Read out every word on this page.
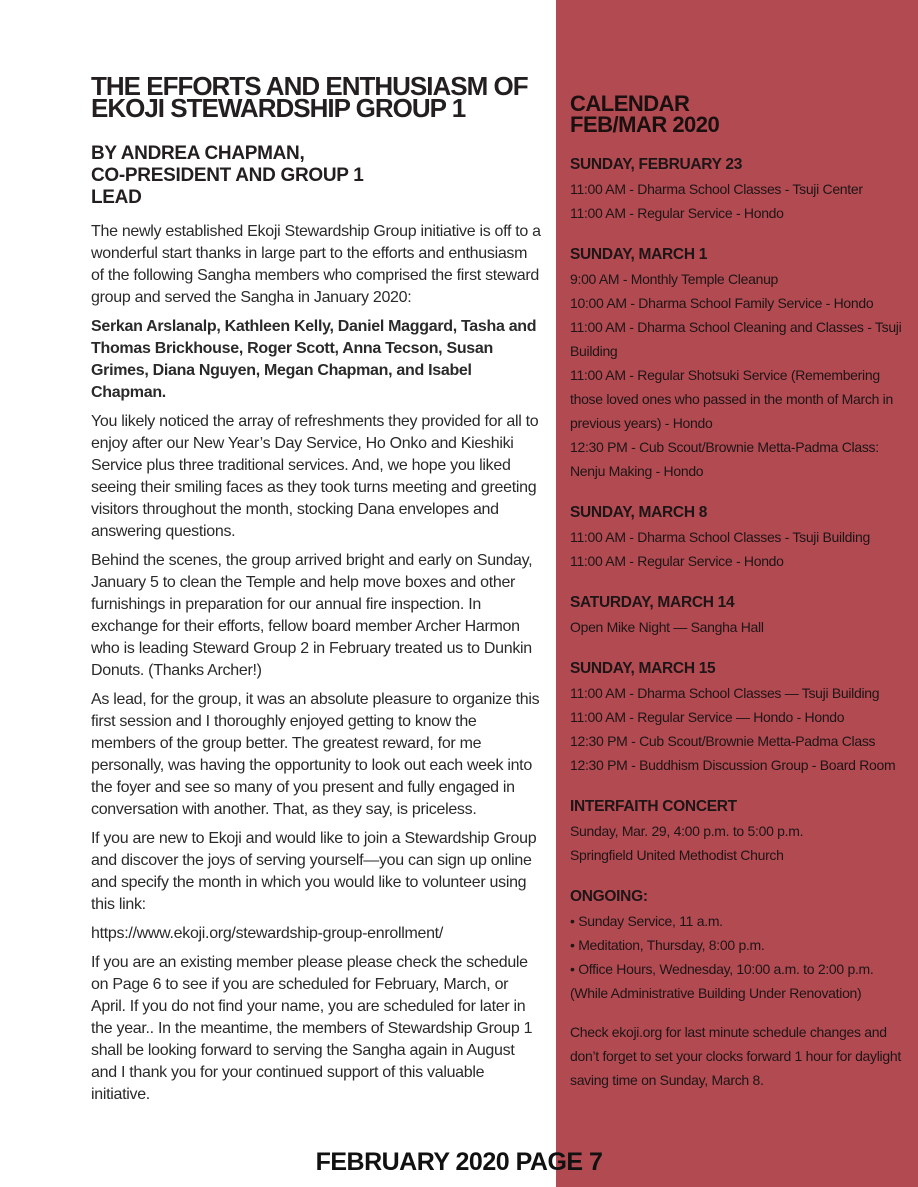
THE EFFORTS AND ENTHUSIASM OF
EKOJI STEWARDSHIP GROUP 1
BY ANDREA CHAPMAN,
CO-PRESIDENT AND GROUP 1
LEAD

The newly established Ekoji Stewardship Group initiative is off to a wonderful start thanks in large part to the efforts and enthusiasm of the following Sangha members who comprised the first steward group and served the Sangha in January 2020:

Serkan Arslanalp, Kathleen Kelly, Daniel Maggard, Tasha and Thomas Brickhouse, Roger Scott, Anna Tecson, Susan Grimes, Diana Nguyen, Megan Chapman, and Isabel Chapman.

You likely noticed the array of refreshments they provided for all to enjoy after our New Year’s Day Service, Ho Onko and Kieshiki Service plus three traditional services. And, we hope you liked seeing their smiling faces as they took turns meeting and greeting visitors throughout the month, stocking Dana envelopes and answering questions.

Behind the scenes, the group arrived bright and early on Sunday, January 5 to clean the Temple and help move boxes and other furnishings in preparation for our annual fire inspection. In exchange for their efforts, fellow board member Archer Harmon who is leading Steward Group 2 in February treated us to Dunkin Donuts. (Thanks Archer!)

As lead, for the group, it was an absolute pleasure to organize this first session and I thoroughly enjoyed getting to know the members of the group better. The greatest reward, for me personally, was having the opportunity to look out each week into the foyer and see so many of you present and fully engaged in conversation with another. That, as they say, is priceless.

If you are new to Ekoji and would like to join a Stewardship Group and discover the joys of serving yourself—you can sign up online and specify the month in which you would like to volunteer using this link:

https://www.ekoji.org/stewardship-group-enrollment/

If you are an existing member please please check the schedule on Page 6 to see if you are scheduled for February, March, or April. If you do not find your name, you are scheduled for later in the year.. In the meantime, the members of Stewardship Group 1 shall be looking forward to serving the Sangha again in August and I thank you for your continued support of this valuable initiative.

CALENDAR
FEB/MAR 2020
SUNDAY, FEBRUARY 23
11:00 AM - Dharma School Classes - Tsuji Center
11:00 AM - Regular Service - Hondo
SUNDAY, MARCH 1
9:00 AM - Monthly Temple Cleanup
10:00 AM - Dharma School Family Service - Hondo
11:00 AM - Dharma School Cleaning and Classes - Tsuji Building
11:00 AM - Regular Shotsuki Service (Remembering those loved ones who passed in the month of March in previous years) - Hondo
12:30 PM - Cub Scout/Brownie Metta-Padma Class: Nenju Making - Hondo
SUNDAY, MARCH 8
11:00 AM - Dharma School Classes - Tsuji Building
11:00 AM - Regular Service - Hondo
SATURDAY, MARCH 14
Open Mike Night — Sangha Hall
SUNDAY, MARCH 15
11:00 AM - Dharma School Classes — Tsuji Building
11:00 AM - Regular Service — Hondo - Hondo
12:30 PM - Cub Scout/Brownie Metta-Padma Class
12:30 PM - Buddhism Discussion Group - Board Room
INTERFAITH CONCERT
Sunday, Mar. 29, 4:00 p.m. to 5:00 p.m.
Springfield United Methodist Church
ONGOING:
• Sunday Service, 11 a.m.
• Meditation, Thursday, 8:00 p.m.
• Office Hours, Wednesday, 10:00 a.m. to 2:00 p.m.
(While Administrative Building Under Renovation)

Check ekoji.org for last minute schedule changes and don’t forget to set your clocks forward 1 hour for daylight saving time on Sunday, March 8.

FEBRUARY 2020 PAGE 7
